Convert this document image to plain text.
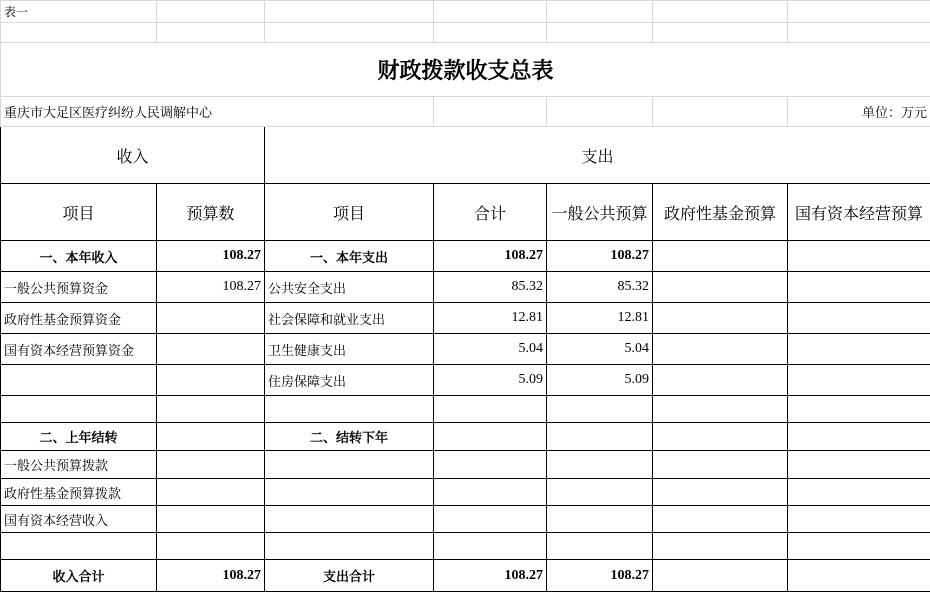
表一						

财政拨款收支总表						
重庆市大足区医疗纠纷人民调解中心						单位：万元
收入		支出				
项目	预算数	项目	合计	一般公共预算	政府性基金预算	国有资本经营预算
一、本年收入	108.27	一、本年支出	108.27	108.27		
一般公共预算资金	108.27	公共安全支出	85.32	85.32		
政府性基金预算资金		社会保障和就业支出	12.81	12.81		
国有资本经营预算资金		卫生健康支出	5.04	5.04		
		住房保障支出	5.09	5.09		

二、上年结转		二、结转下年				
一般公共预算拨款						
政府性基金预算拨款						
国有资本经营收入						

收入合计	108.27	支出合计	108.27	108.27		
